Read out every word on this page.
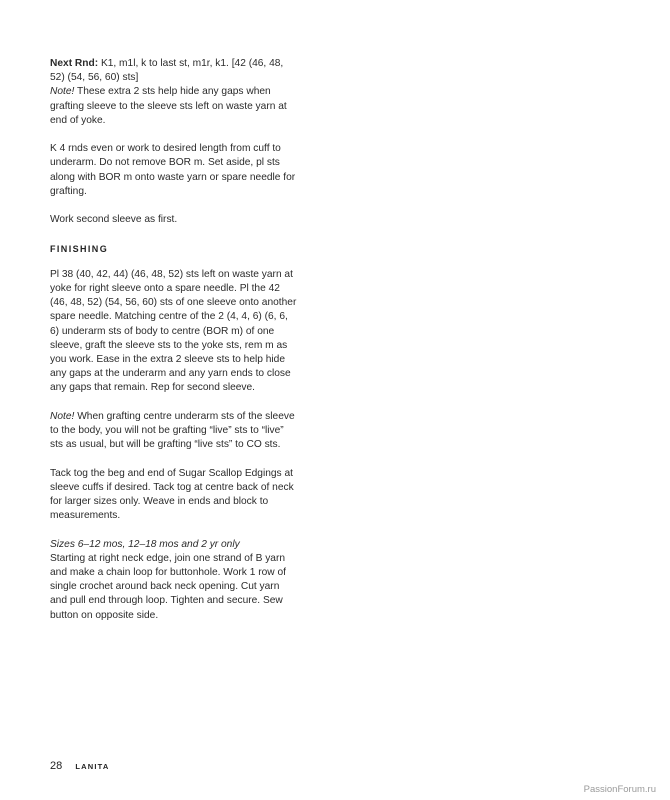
Next Rnd: K1, m1l, k to last st, m1r, k1. [42 (46, 48, 52) (54, 56, 60) sts]
Note! These extra 2 sts help hide any gaps when grafting sleeve to the sleeve sts left on waste yarn at end of yoke.

K 4 rnds even or work to desired length from cuff to underarm. Do not remove BOR m. Set aside, pl sts along with BOR m onto waste yarn or spare needle for grafting.

Work second sleeve as first.

FINISHING

Pl 38 (40, 42, 44) (46, 48, 52) sts left on waste yarn at yoke for right sleeve onto a spare needle. Pl the 42 (46, 48, 52) (54, 56, 60) sts of one sleeve onto another spare needle. Matching centre of the 2 (4, 4, 6) (6, 6, 6) underarm sts of body to centre (BOR m) of one sleeve, graft the sleeve sts to the yoke sts, rem m as you work. Ease in the extra 2 sleeve sts to help hide any gaps at the underarm and any yarn ends to close any gaps that remain. Rep for second sleeve.

Note! When grafting centre underarm sts of the sleeve to the body, you will not be grafting “live” sts to “live” sts as usual, but will be grafting “live sts” to CO sts.

Tack tog the beg and end of Sugar Scallop Edgings at sleeve cuffs if desired. Tack tog at centre back of neck for larger sizes only. Weave in ends and block to measurements.

Sizes 6–12 mos, 12–18 mos and 2 yr only
Starting at right neck edge, join one strand of B yarn and make a chain loop for buttonhole. Work 1 row of single crochet around back neck opening. Cut yarn and pull end through loop. Tighten and secure. Sew button on opposite side.

28 LANITA
PassionForum.ru
